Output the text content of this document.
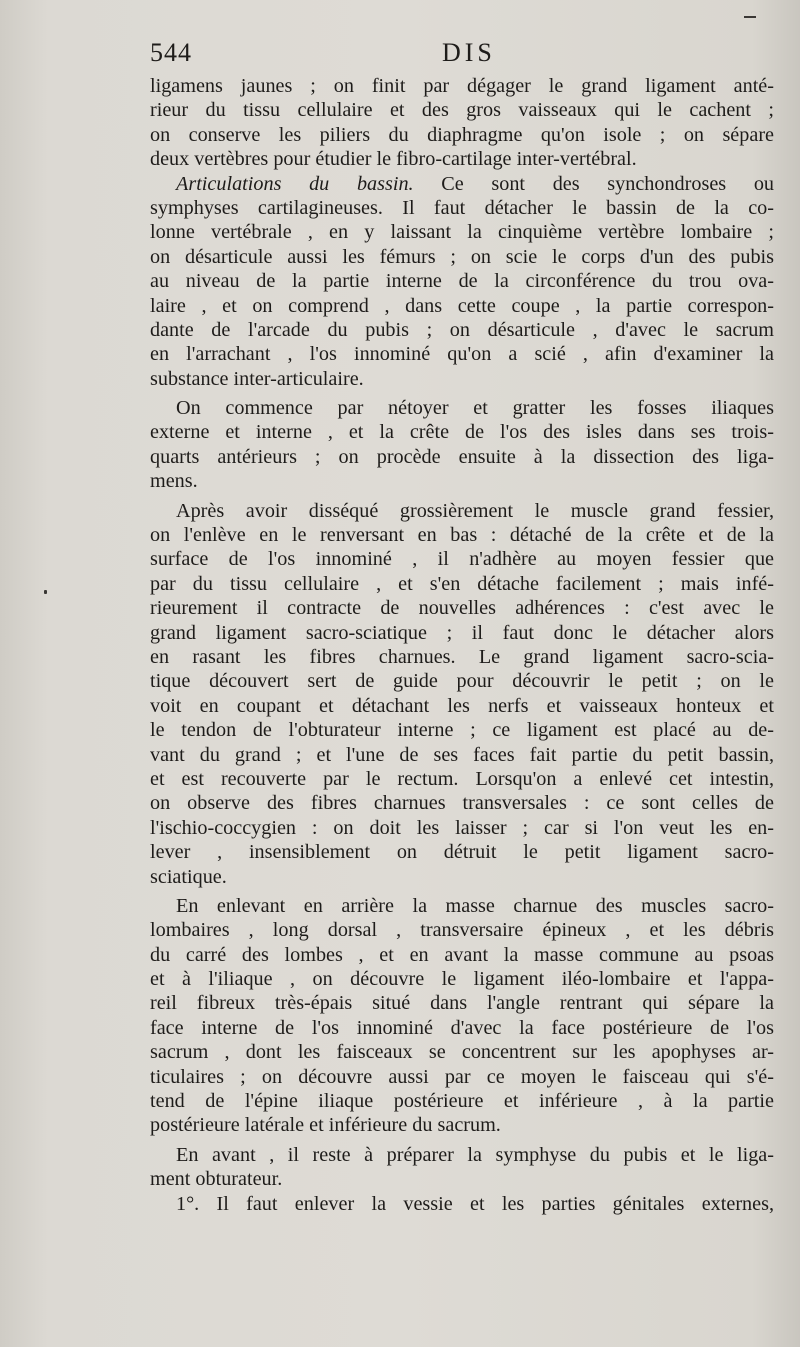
544	DIS
ligamens jaunes ; on finit par dégager le grand ligament anté-
rieur du tissu cellulaire et des gros vaisseaux qui le cachent ;
on conserve les piliers du diaphragme qu'on isole ; on sépare
deux vertèbres pour étudier le fibro-cartilage inter-vertébral.
Articulations du bassin. Ce sont des synchondroses ou
symphyses cartilagineuses. Il faut détacher le bassin de la co-
lonne vertébrale , en y laissant la cinquième vertèbre lombaire ;
on désarticule aussi les fémurs ; on scie le corps d'un des pubis
au niveau de la partie interne de la circonférence du trou ova-
laire , et on comprend , dans cette coupe , la partie correspon-
dante de l'arcade du pubis ; on désarticule , d'avec le sacrum
en l'arrachant , l'os innominé qu'on a scié , afin d'examiner la
substance inter-articulaire.
On commence par nétoyer et gratter les fosses iliaques
externe et interne , et la crête de l'os des isles dans ses trois-
quarts antérieurs ; on procède ensuite à la dissection des liga-
mens.
Après avoir disséqué grossièrement le muscle grand fessier,
on l'enlève en le renversant en bas : détaché de la crête et de la
surface de l'os innominé , il n'adhère au moyen fessier que
par du tissu cellulaire , et s'en détache facilement ; mais infé-
rieurement il contracte de nouvelles adhérences : c'est avec le
grand ligament sacro-sciatique ; il faut donc le détacher alors
en rasant les fibres charnues. Le grand ligament sacro-scia-
tique découvert sert de guide pour découvrir le petit ; on le
voit en coupant et détachant les nerfs et vaisseaux honteux et
le tendon de l'obturateur interne ; ce ligament est placé au de-
vant du grand ; et l'une de ses faces fait partie du petit bassin,
et est recouverte par le rectum. Lorsqu'on a enlevé cet intestin,
on observe des fibres charnues transversales : ce sont celles de
l'ischio-coccygien : on doit les laisser ; car si l'on veut les en-
lever , insensiblement on détruit le petit ligament sacro-
sciatique.
En enlevant en arrière la masse charnue des muscles sacro-
lombaires , long dorsal , transversaire épineux , et les débris
du carré des lombes , et en avant la masse commune au psoas
et à l'iliaque , on découvre le ligament iléo-lombaire et l'appa-
reil fibreux très-épais situé dans l'angle rentrant qui sépare la
face interne de l'os innominé d'avec la face postérieure de l'os
sacrum , dont les faisceaux se concentrent sur les apophyses ar-
ticulaires ; on découvre aussi par ce moyen le faisceau qui s'é-
tend de l'épine iliaque postérieure et inférieure , à la partie
postérieure latérale et inférieure du sacrum.
En avant , il reste à préparer la symphyse du pubis et le liga-
ment obturateur.
1°. Il faut enlever la vessie et les parties génitales externes,
